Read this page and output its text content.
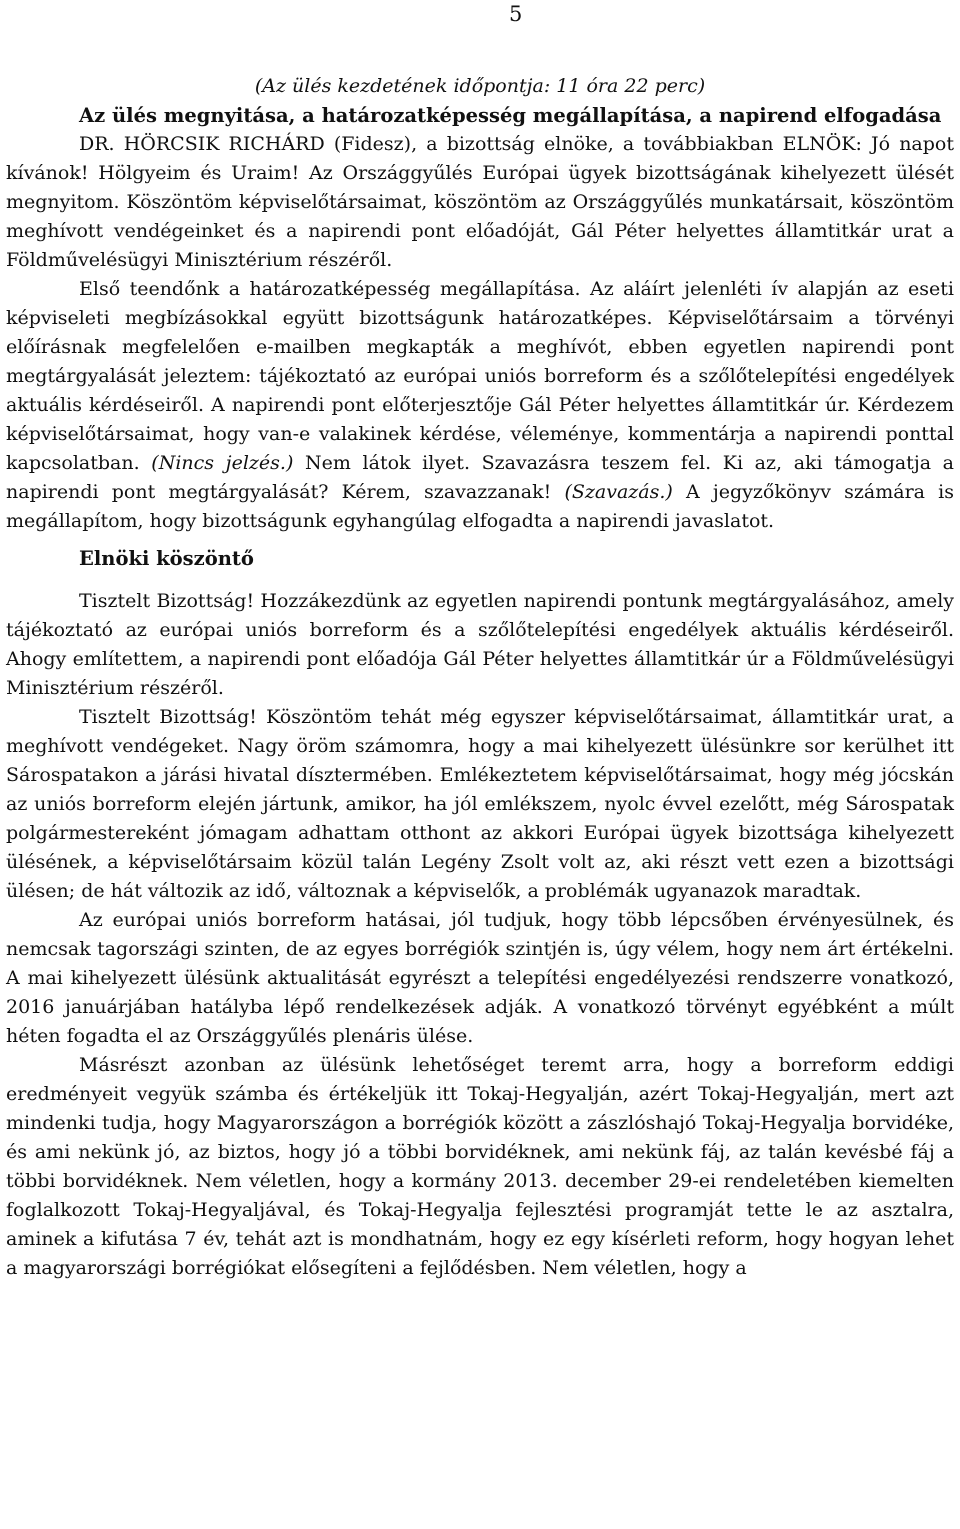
5

(Az ülés kezdetének időpontja: 11 óra 22 perc)

Az ülés megnyitása, a határozatképesség megállapítása, a napirend elfogadása

DR. HÖRCSIK RICHÁRD (Fidesz), a bizottság elnöke, a továbbiakban ELNÖK: Jó napot kívánok! Hölgyeim és Uraim! Az Országgyűlés Európai ügyek bizottságának kihelyezett ülését megnyitom. Köszöntöm képviselőtársaimat, köszöntöm az Országgyűlés munkatársait, köszöntöm meghívott vendégeinket és a napirendi pont előadóját, Gál Péter helyettes államtitkár urat a Földművelésügyi Minisztérium részéről.

Első teendőnk a határozatképesség megállapítása. Az aláírt jelenléti ív alapján az eseti képviseleti megbízásokkal együtt bizottságunk határozatképes. Képviselőtársaim a törvényi előírásnak megfelelően e-mailben megkapták a meghívót, ebben egyetlen napirendi pont megtárgyalását jeleztem: tájékoztató az európai uniós borreform és a szőlőtelepítési engedélyek aktuális kérdéseiről. A napirendi pont előterjesztője Gál Péter helyettes államtitkár úr. Kérdezem képviselőtársaimat, hogy van-e valakinek kérdése, véleménye, kommentárja a napirendi ponttal kapcsolatban. (Nincs jelzés.) Nem látok ilyet. Szavazásra teszem fel. Ki az, aki támogatja a napirendi pont megtárgyalását? Kérem, szavazzanak! (Szavazás.) A jegyzőkönyv számára is megállapítom, hogy bizottságunk egyhangúlag elfogadta a napirendi javaslatot.

Elnöki köszöntő

Tisztelt Bizottság! Hozzákezdünk az egyetlen napirendi pontunk megtárgyalásához, amely tájékoztató az európai uniós borreform és a szőlőtelepítési engedélyek aktuális kérdéseiről. Ahogy említettem, a napirendi pont előadója Gál Péter helyettes államtitkár úr a Földművelésügyi Minisztérium részéről.

Tisztelt Bizottság! Köszöntöm tehát még egyszer képviselőtársaimat, államtitkár urat, a meghívott vendégeket. Nagy öröm számomra, hogy a mai kihelyezett ülésünkre sor kerülhet itt Sárospatakon a járási hivatal dísztermében. Emlékeztetem képviselőtársaimat, hogy még jócskán az uniós borreform elején jártunk, amikor, ha jól emlékszem, nyolc évvel ezelőtt, még Sárospatak polgármestereként jómagam adhattam otthont az akkori Európai ügyek bizottsága kihelyezett ülésének, a képviselőtársaim közül talán Legény Zsolt volt az, aki részt vett ezen a bizottsági ülésen; de hát változik az idő, változnak a képviselők, a problémák ugyanazok maradtak.

Az európai uniós borreform hatásai, jól tudjuk, hogy több lépcsőben érvényesülnek, és nemcsak tagországi szinten, de az egyes borrégiók szintjén is, úgy vélem, hogy nem árt értékelni. A mai kihelyezett ülésünk aktualitását egyrészt a telepítési engedélyezési rendszerre vonatkozó, 2016 januárjában hatályba lépő rendelkezések adják. A vonatkozó törvényt egyébként a múlt héten fogadta el az Országgyűlés plenáris ülése.

Másrészt azonban az ülésünk lehetőséget teremt arra, hogy a borreform eddigi eredményeit vegyük számba és értékeljük itt Tokaj-Hegyalján, azért Tokaj-Hegyalján, mert azt mindenki tudja, hogy Magyarországon a borrégiók között a zászlóshajó Tokaj-Hegyalja borvidéke, és ami nekünk jó, az biztos, hogy jó a többi borvidéknek, ami nekünk fáj, az talán kevésbé fáj a többi borvidéknek. Nem véletlen, hogy a kormány 2013. december 29-ei rendeletében kiemelten foglalkozott Tokaj-Hegyaljával, és Tokaj-Hegyalja fejlesztési programját tette le az asztalra, aminek a kifutása 7 év, tehát azt is mondhatnám, hogy ez egy kísérleti reform, hogy hogyan lehet a magyarországi borrégiókat elősegíteni a fejlődésben. Nem véletlen, hogy a
